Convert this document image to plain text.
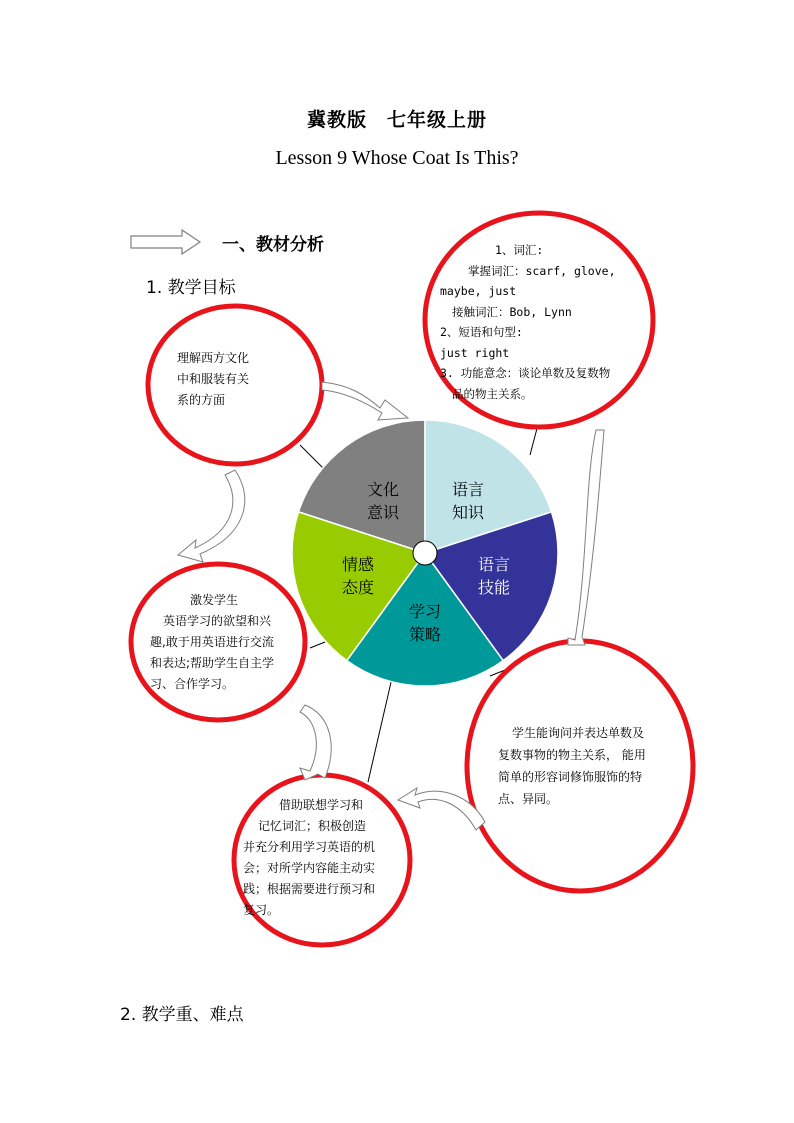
冀教版　七年级上册
Lesson 9 Whose Coat Is This?
一、教材分析
1. 教学目标
文化
意识
语言
知识
语言
技能
学习
策略
情感
态度
理解西方文化
中和服装有关
系的方面
1、词汇:
掌握词汇：scarf, glove,
maybe, just
接触词汇：Bob, Lynn
2、短语和句型:
just right
3. 功能意念：谈论单数及复数物
品的物主关系。
激发学生
英语学习的欲望和兴
趣,敢于用英语进行交流
和表达;帮助学生自主学
习、合作学习。
学生能询问并表达单数及
复数事物的物主关系， 能用
简单的形容词修饰服饰的特
点、异同。
借助联想学习和
记忆词汇；积极创造
并充分利用学习英语的机
会；对所学内容能主动实
践；根据需要进行预习和
复习。
2. 教学重、难点
